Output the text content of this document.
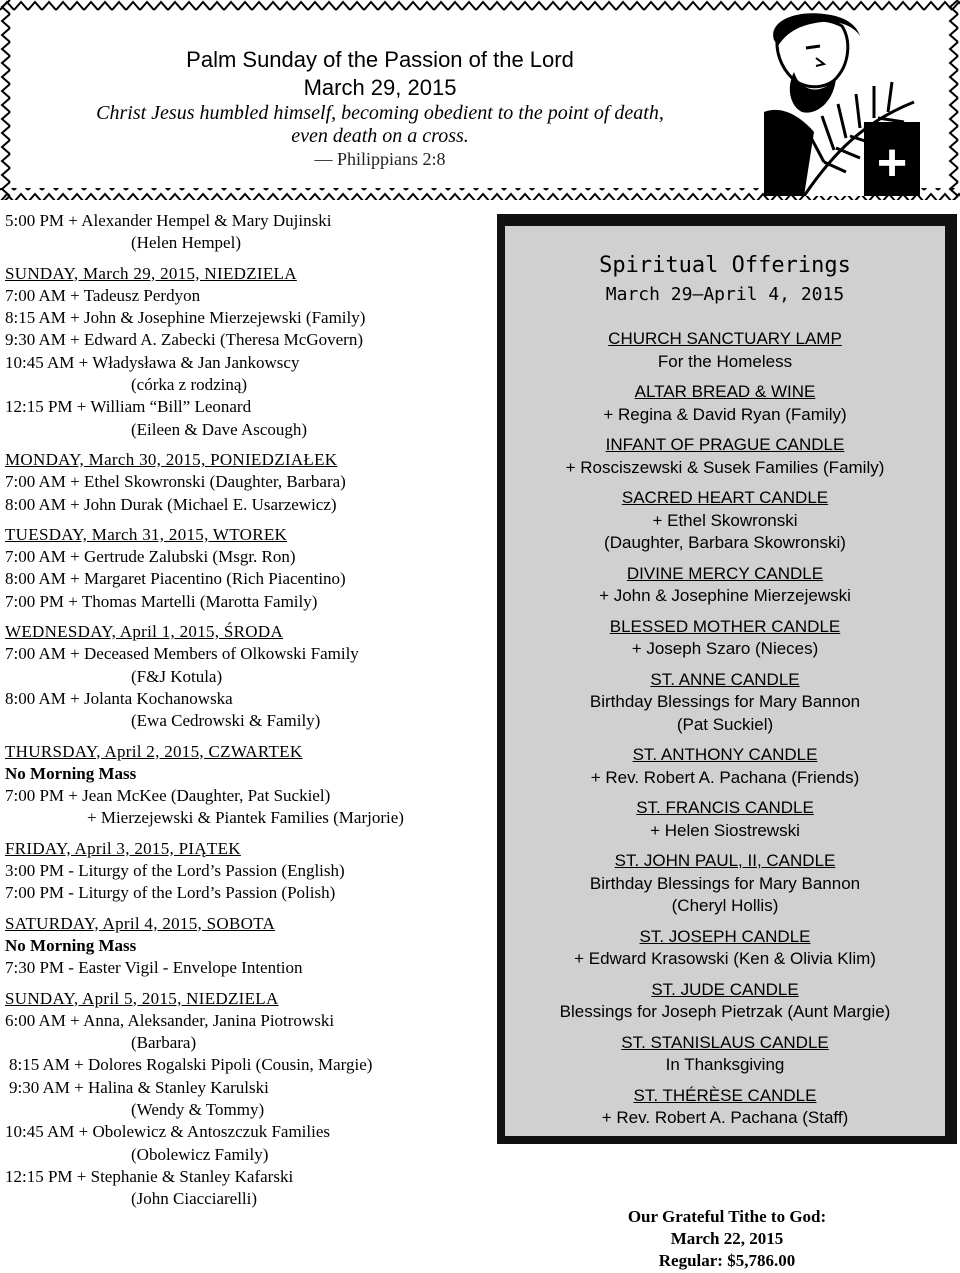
Palm Sunday of the Passion of the Lord
March 29, 2015
Christ Jesus humbled himself, becoming obedient to the point of death,
even death on a cross.
— Philippians 2:8	+
5:00 PM + Alexander Hempel & Mary Dujinski
(Helen Hempel)
SUNDAY, March 29, 2015, NIEDZIELA
7:00 AM + Tadeusz Perdyon
8:15 AM + John & Josephine Mierzejewski (Family)
9:30 AM + Edward A. Zabecki (Theresa McGovern)
10:45 AM + Władysława & Jan Jankowscy
(córka z rodziną)
12:15 PM + William “Bill” Leonard
(Eileen & Dave Ascough)
MONDAY, March 30, 2015, PONIEDZIAŁEK
7:00 AM + Ethel Skowronski (Daughter, Barbara)
8:00 AM + John Durak (Michael E. Usarzewicz)
TUESDAY, March 31, 2015, WTOREK
7:00 AM + Gertrude Zalubski (Msgr. Ron)
8:00 AM + Margaret Piacentino (Rich Piacentino)
7:00 PM + Thomas Martelli (Marotta Family)
WEDNESDAY, April 1, 2015, ŚRODA
7:00 AM + Deceased Members of Olkowski Family
(F&J Kotula)
8:00 AM + Jolanta Kochanowska
(Ewa Cedrowski & Family)
THURSDAY, April 2, 2015, CZWARTEK
No Morning Mass
7:00 PM + Jean McKee (Daughter, Pat Suckiel)
+ Mierzejewski & Piantek Families (Marjorie)
FRIDAY, April 3, 2015, PIĄTEK
3:00 PM - Liturgy of the Lord’s Passion (English)
7:00 PM - Liturgy of the Lord’s Passion (Polish)
SATURDAY, April 4, 2015, SOBOTA
No Morning Mass
7:30 PM - Easter Vigil - Envelope Intention
SUNDAY, April 5, 2015, NIEDZIELA
6:00 AM + Anna, Aleksander, Janina Piotrowski
(Barbara)
8:15 AM + Dolores Rogalski Pipoli (Cousin, Margie)
9:30 AM + Halina & Stanley Karulski
(Wendy & Tommy)
10:45 AM + Obolewicz & Antoszczuk Families
(Obolewicz Family)
12:15 PM + Stephanie & Stanley Kafarski
(John Ciacciarelli)
Spiritual Offerings
March 29—April 4, 2015
CHURCH SANCTUARY LAMP
For the Homeless
ALTAR BREAD & WINE
+ Regina & David Ryan (Family)
INFANT OF PRAGUE CANDLE
+ Rosciszewski & Susek Families (Family)
SACRED HEART CANDLE
+ Ethel Skowronski
(Daughter, Barbara Skowronski)
DIVINE MERCY CANDLE
+ John & Josephine Mierzejewski
BLESSED MOTHER CANDLE
+ Joseph Szaro (Nieces)
ST. ANNE CANDLE
Birthday Blessings for Mary Bannon
(Pat Suckiel)
ST. ANTHONY CANDLE
+ Rev. Robert A. Pachana (Friends)
ST. FRANCIS CANDLE
+ Helen Siostrewski
ST. JOHN PAUL, II, CANDLE
Birthday Blessings for Mary Bannon
(Cheryl Hollis)
ST. JOSEPH CANDLE
+ Edward Krasowski (Ken & Olivia Klim)
ST. JUDE CANDLE
Blessings for Joseph Pietrzak (Aunt Margie)
ST. STANISLAUS CANDLE
In Thanksgiving
ST. THÉRÈSE CANDLE
+ Rev. Robert A. Pachana (Staff)
Our Grateful Tithe to God:
March 22, 2015
Regular: $5,786.00
